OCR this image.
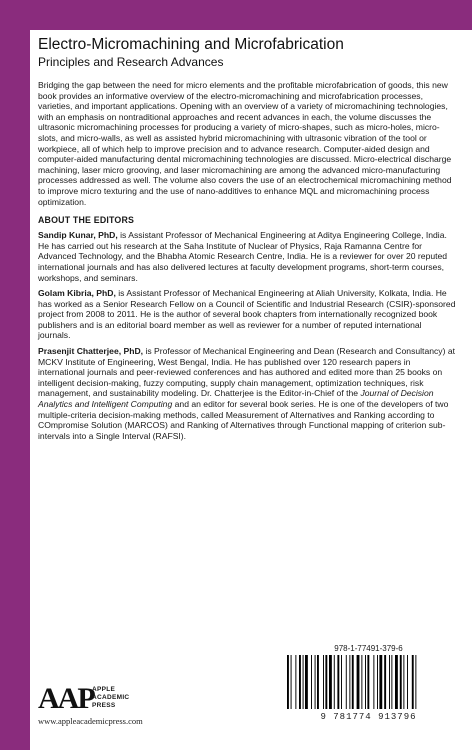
Electro-Micromachining and Microfabrication
Principles and Research Advances

Bridging the gap between the need for micro elements and the profitable microfabrication of goods, this new book provides an informative overview of the electro-micromachining and microfabrication processes, varieties, and important applications. Opening with an overview of a variety of micromachining technologies, with an emphasis on nontraditional approaches and recent advances in each, the volume discusses the ultrasonic micromachining processes for producing a variety of micro-shapes, such as micro-holes, micro-slots, and micro-walls, as well as assisted hybrid micromachining with ultrasonic vibration of the tool or workpiece, all of which help to improve precision and to advance research. Computer-aided design and computer-aided manufacturing dental micromachining technologies are discussed. Micro-electrical discharge machining, laser micro grooving, and laser micromachining are among the advanced micro-manufacturing processes addressed as well. The volume also covers the use of an electrochemical micromachining method to improve micro texturing and the use of nano-additives to enhance MQL and micromachining process optimization.

ABOUT THE EDITORS

Sandip Kunar, PhD, is Assistant Professor of Mechanical Engineering at Aditya Engineering College, India. He has carried out his research at the Saha Institute of Nuclear of Physics, Raja Ramanna Centre for Advanced Technology, and the Bhabha Atomic Research Centre, India. He is a reviewer for over 20 reputed international journals and has also delivered lectures at faculty development programs, short-term courses, workshops, and seminars.

Golam Kibria, PhD, is Assistant Professor of Mechanical Engineering at Aliah University, Kolkata, India. He has worked as a Senior Research Fellow on a Council of Scientific and Industrial Research (CSIR)-sponsored project from 2008 to 2011. He is the author of several book chapters from internationally recognized book publishers and is an editorial board member as well as reviewer for a number of reputed international journals.

Prasenjit Chatterjee, PhD, is Professor of Mechanical Engineering and Dean (Research and Consultancy) at MCKV Institute of Engineering, West Bengal, India. He has published over 120 research papers in international journals and peer-reviewed conferences and has authored and edited more than 25 books on intelligent decision-making, fuzzy computing, supply chain management, optimization techniques, risk management, and sustainability modeling. Dr. Chatterjee is the Editor-in-Chief of the Journal of Decision Analytics and Intelligent Computing and an editor for several book series. He is one of the developers of two multiple-criteria decision-making methods, called Measurement of Alternatives and Ranking according to COmpromise Solution (MARCOS) and Ranking of Alternatives through Functional mapping of criterion sub-intervals into a Single Interval (RAFSI).

AAP
APPLE
ACADEMIC
PRESS
www.appleacademicpress.com
978-1-77491-379-6
9 781774 913796
